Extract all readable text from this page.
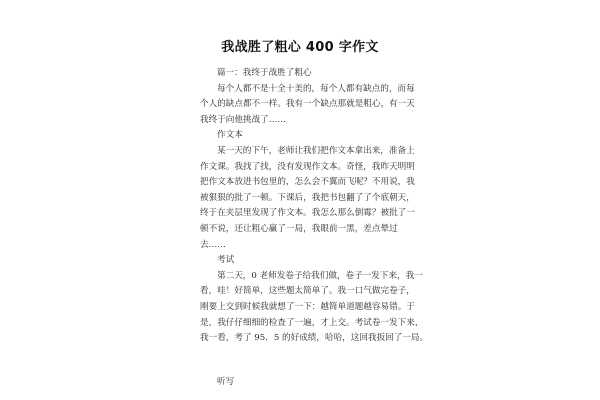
我战胜了粗心 400 字作文
篇一：我终于战胜了粗心
每个人都不是十全十美的，每个人都有缺点的，而每
个人的缺点都不一样。我有一个缺点那就是粗心，有一天
我终于向他挑战了……
作文本
某一天的下午，老师让我们把作文本拿出来，准备上
作文课。我找了找，没有发现作文本。奇怪，我昨天明明
把作文本放进书包里的，怎么会不翼而飞呢？不用说，我
被狠狠的批了一顿。下课后，我把书包翻了了个底朝天，
终于在夹层里发现了作文本。我怎么那么倒霉？被批了一
顿不说，还让粗心赢了一局，我眼前一黑，差点晕过
去……
考试
第二天，0 老师发卷子给我们做，卷子一发下来，我一
看，哇！好简单，这些题太简单了。我一口气做完卷子，
刚要上交到时候我就想了一下：越简单道题越容易错。于
是，我仔仔细细的检查了一遍，才上交。考试卷一发下来，
我一看，考了 95．5 的好成绩，哈哈，这回我扳回了一局。
听写
